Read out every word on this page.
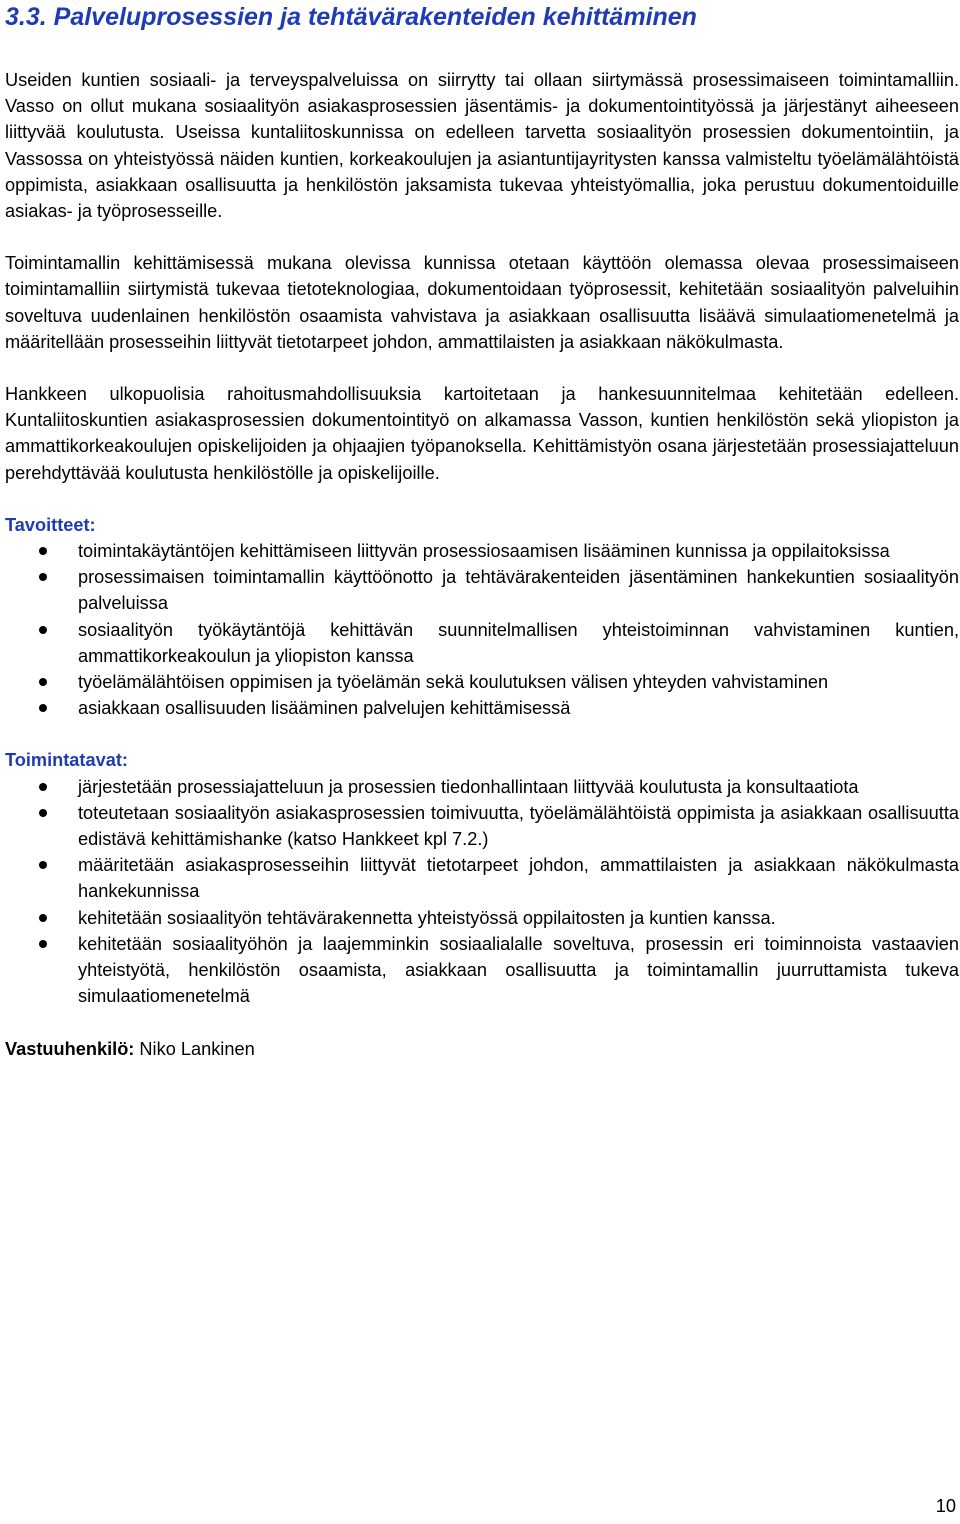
3.3. Palveluprosessien ja tehtävärakenteiden kehittäminen

Useiden kuntien sosiaali- ja terveyspalveluissa on siirrytty tai ollaan siirtymässä prosessimaiseen toimintamalliin. Vasso on ollut mukana sosiaalityön asiakasprosessien jäsentämis- ja dokumentointityössä ja järjestänyt aiheeseen liittyvää koulutusta. Useissa kuntaliitoskunnissa on edelleen tarvetta sosiaalityön prosessien dokumentointiin, ja Vassossa on yhteistyössä näiden kuntien, korkeakoulujen ja asiantuntijayritysten kanssa valmisteltu työelämälähtöistä oppimista, asiakkaan osallisuutta ja henkilöstön jaksamista tukevaa yhteistyömallia, joka perustuu dokumentoiduille asiakas- ja työprosesseille.

Toimintamallin kehittämisessä mukana olevissa kunnissa otetaan käyttöön olemassa olevaa prosessimaiseen toimintamalliin siirtymistä tukevaa tietoteknologiaa, dokumentoidaan työprosessit, kehitetään sosiaalityön palveluihin soveltuva uudenlainen henkilöstön osaamista vahvistava ja asiakkaan osallisuutta lisäävä simulaatiomenetelmä ja määritellään prosesseihin liittyvät tietotarpeet johdon, ammattilaisten ja asiakkaan näkökulmasta.

Hankkeen ulkopuolisia rahoitusmahdollisuuksia kartoitetaan ja hankesuunnitelmaa kehitetään edelleen. Kuntaliitoskuntien asiakasprosessien dokumentointityö on alkamassa Vasson, kuntien henkilöstön sekä yliopiston ja ammattikorkeakoulujen opiskelijoiden ja ohjaajien työpanoksella. Kehittämistyön osana järjestetään prosessiajatteluun perehdyttävää koulutusta henkilöstölle ja opiskelijoille.

Tavoitteet:
toimintakäytäntöjen kehittämiseen liittyvän prosessiosaamisen lisääminen kunnissa ja oppilaitoksissa
prosessimaisen toimintamallin käyttöönotto ja tehtävärakenteiden jäsentäminen hankekuntien sosiaalityön palveluissa
sosiaalityön työkäytäntöjä kehittävän suunnitelmallisen yhteistoiminnan vahvistaminen kuntien, ammattikorkeakoulun ja yliopiston kanssa
työelämälähtöisen oppimisen ja työelämän sekä koulutuksen välisen yhteyden vahvistaminen
asiakkaan osallisuuden lisääminen palvelujen kehittämisessä
Toimintatavat:
järjestetään prosessiajatteluun ja prosessien tiedonhallintaan liittyvää koulutusta ja konsultaatiota
toteutetaan sosiaalityön asiakasprosessien toimivuutta, työelämälähtöistä oppimista ja asiakkaan osallisuutta edistävä kehittämishanke (katso Hankkeet kpl 7.2.)
määritetään asiakasprosesseihin liittyvät tietotarpeet johdon, ammattilaisten ja asiakkaan näkökulmasta hankekunnissa
kehitetään sosiaalityön tehtävärakennetta yhteistyössä oppilaitosten ja kuntien kanssa.
kehitetään sosiaalityöhön ja laajemminkin sosiaalialalle soveltuva, prosessin eri toiminnoista vastaavien yhteistyötä, henkilöstön osaamista, asiakkaan osallisuutta ja toimintamallin juurruttamista tukeva simulaatiomenetelmä
Vastuuhenkilö: Niko Lankinen
10
